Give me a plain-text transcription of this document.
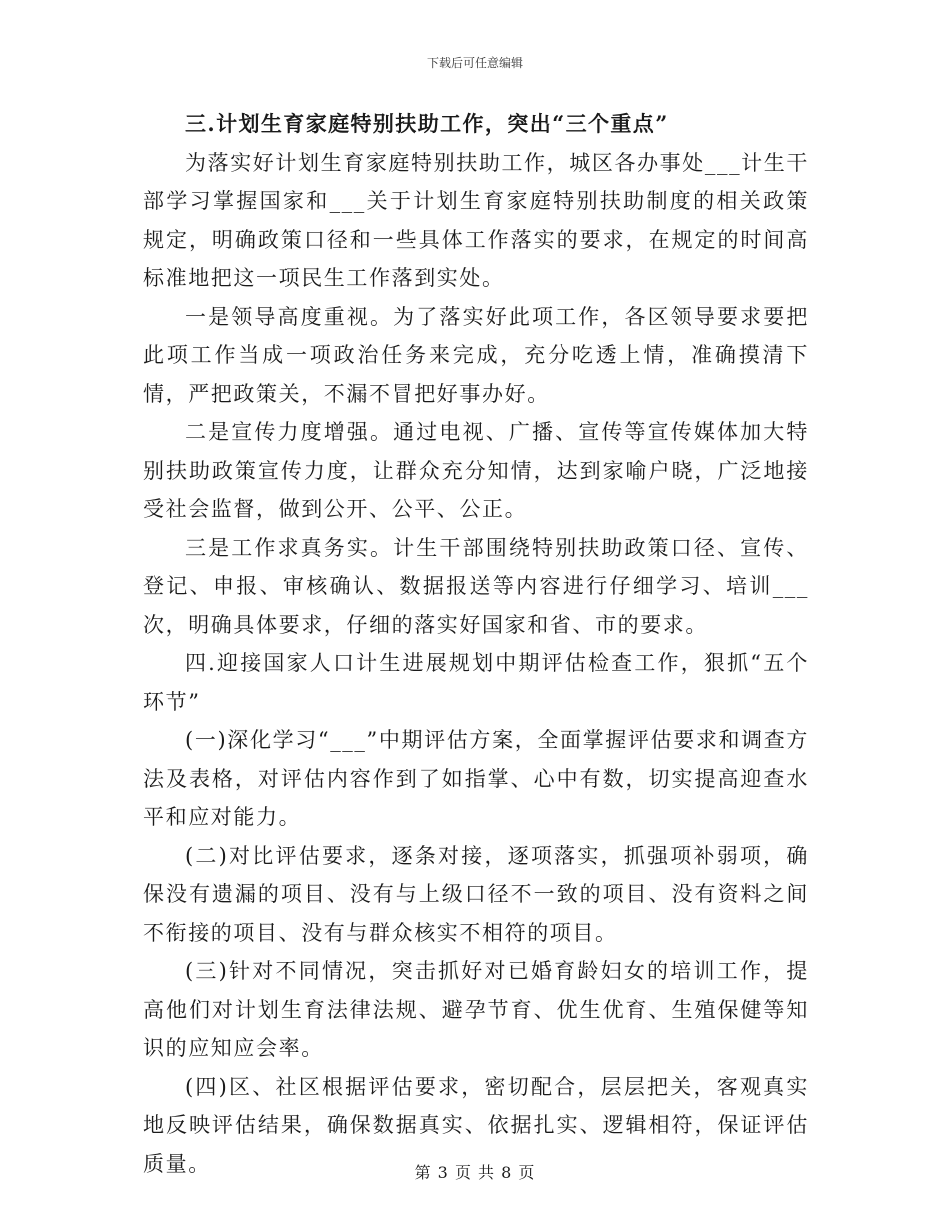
下载后可任意编辑

三.计划生育家庭特别扶助工作，突出“三个重点”

为落实好计划生育家庭特别扶助工作，城区各办事处___计生干部学习掌握国家和___关于计划生育家庭特别扶助制度的相关政策规定，明确政策口径和一些具体工作落实的要求，在规定的时间高标准地把这一项民生工作落到实处。

一是领导高度重视。为了落实好此项工作，各区领导要求要把此项工作当成一项政治任务来完成，充分吃透上情，准确摸清下情，严把政策关，不漏不冒把好事办好。

二是宣传力度增强。通过电视、广播、宣传等宣传媒体加大特别扶助政策宣传力度，让群众充分知情，达到家喻户晓，广泛地接受社会监督，做到公开、公平、公正。

三是工作求真务实。计生干部围绕特别扶助政策口径、宣传、登记、申报、审核确认、数据报送等内容进行仔细学习、培训___次，明确具体要求，仔细的落实好国家和省、市的要求。

四.迎接国家人口计生进展规划中期评估检查工作，狠抓“五个环节”

(一)深化学习“___”中期评估方案，全面掌握评估要求和调查方法及表格，对评估内容作到了如指掌、心中有数，切实提高迎查水平和应对能力。

(二)对比评估要求，逐条对接，逐项落实，抓强项补弱项，确保没有遗漏的项目、没有与上级口径不一致的项目、没有资料之间不衔接的项目、没有与群众核实不相符的项目。

(三)针对不同情况，突击抓好对已婚育龄妇女的培训工作，提高他们对计划生育法律法规、避孕节育、优生优育、生殖保健等知识的应知应会率。

(四)区、社区根据评估要求，密切配合，层层把关，客观真实地反映评估结果，确保数据真实、依据扎实、逻辑相符，保证评估质量。	第 3 页 共 8 页
